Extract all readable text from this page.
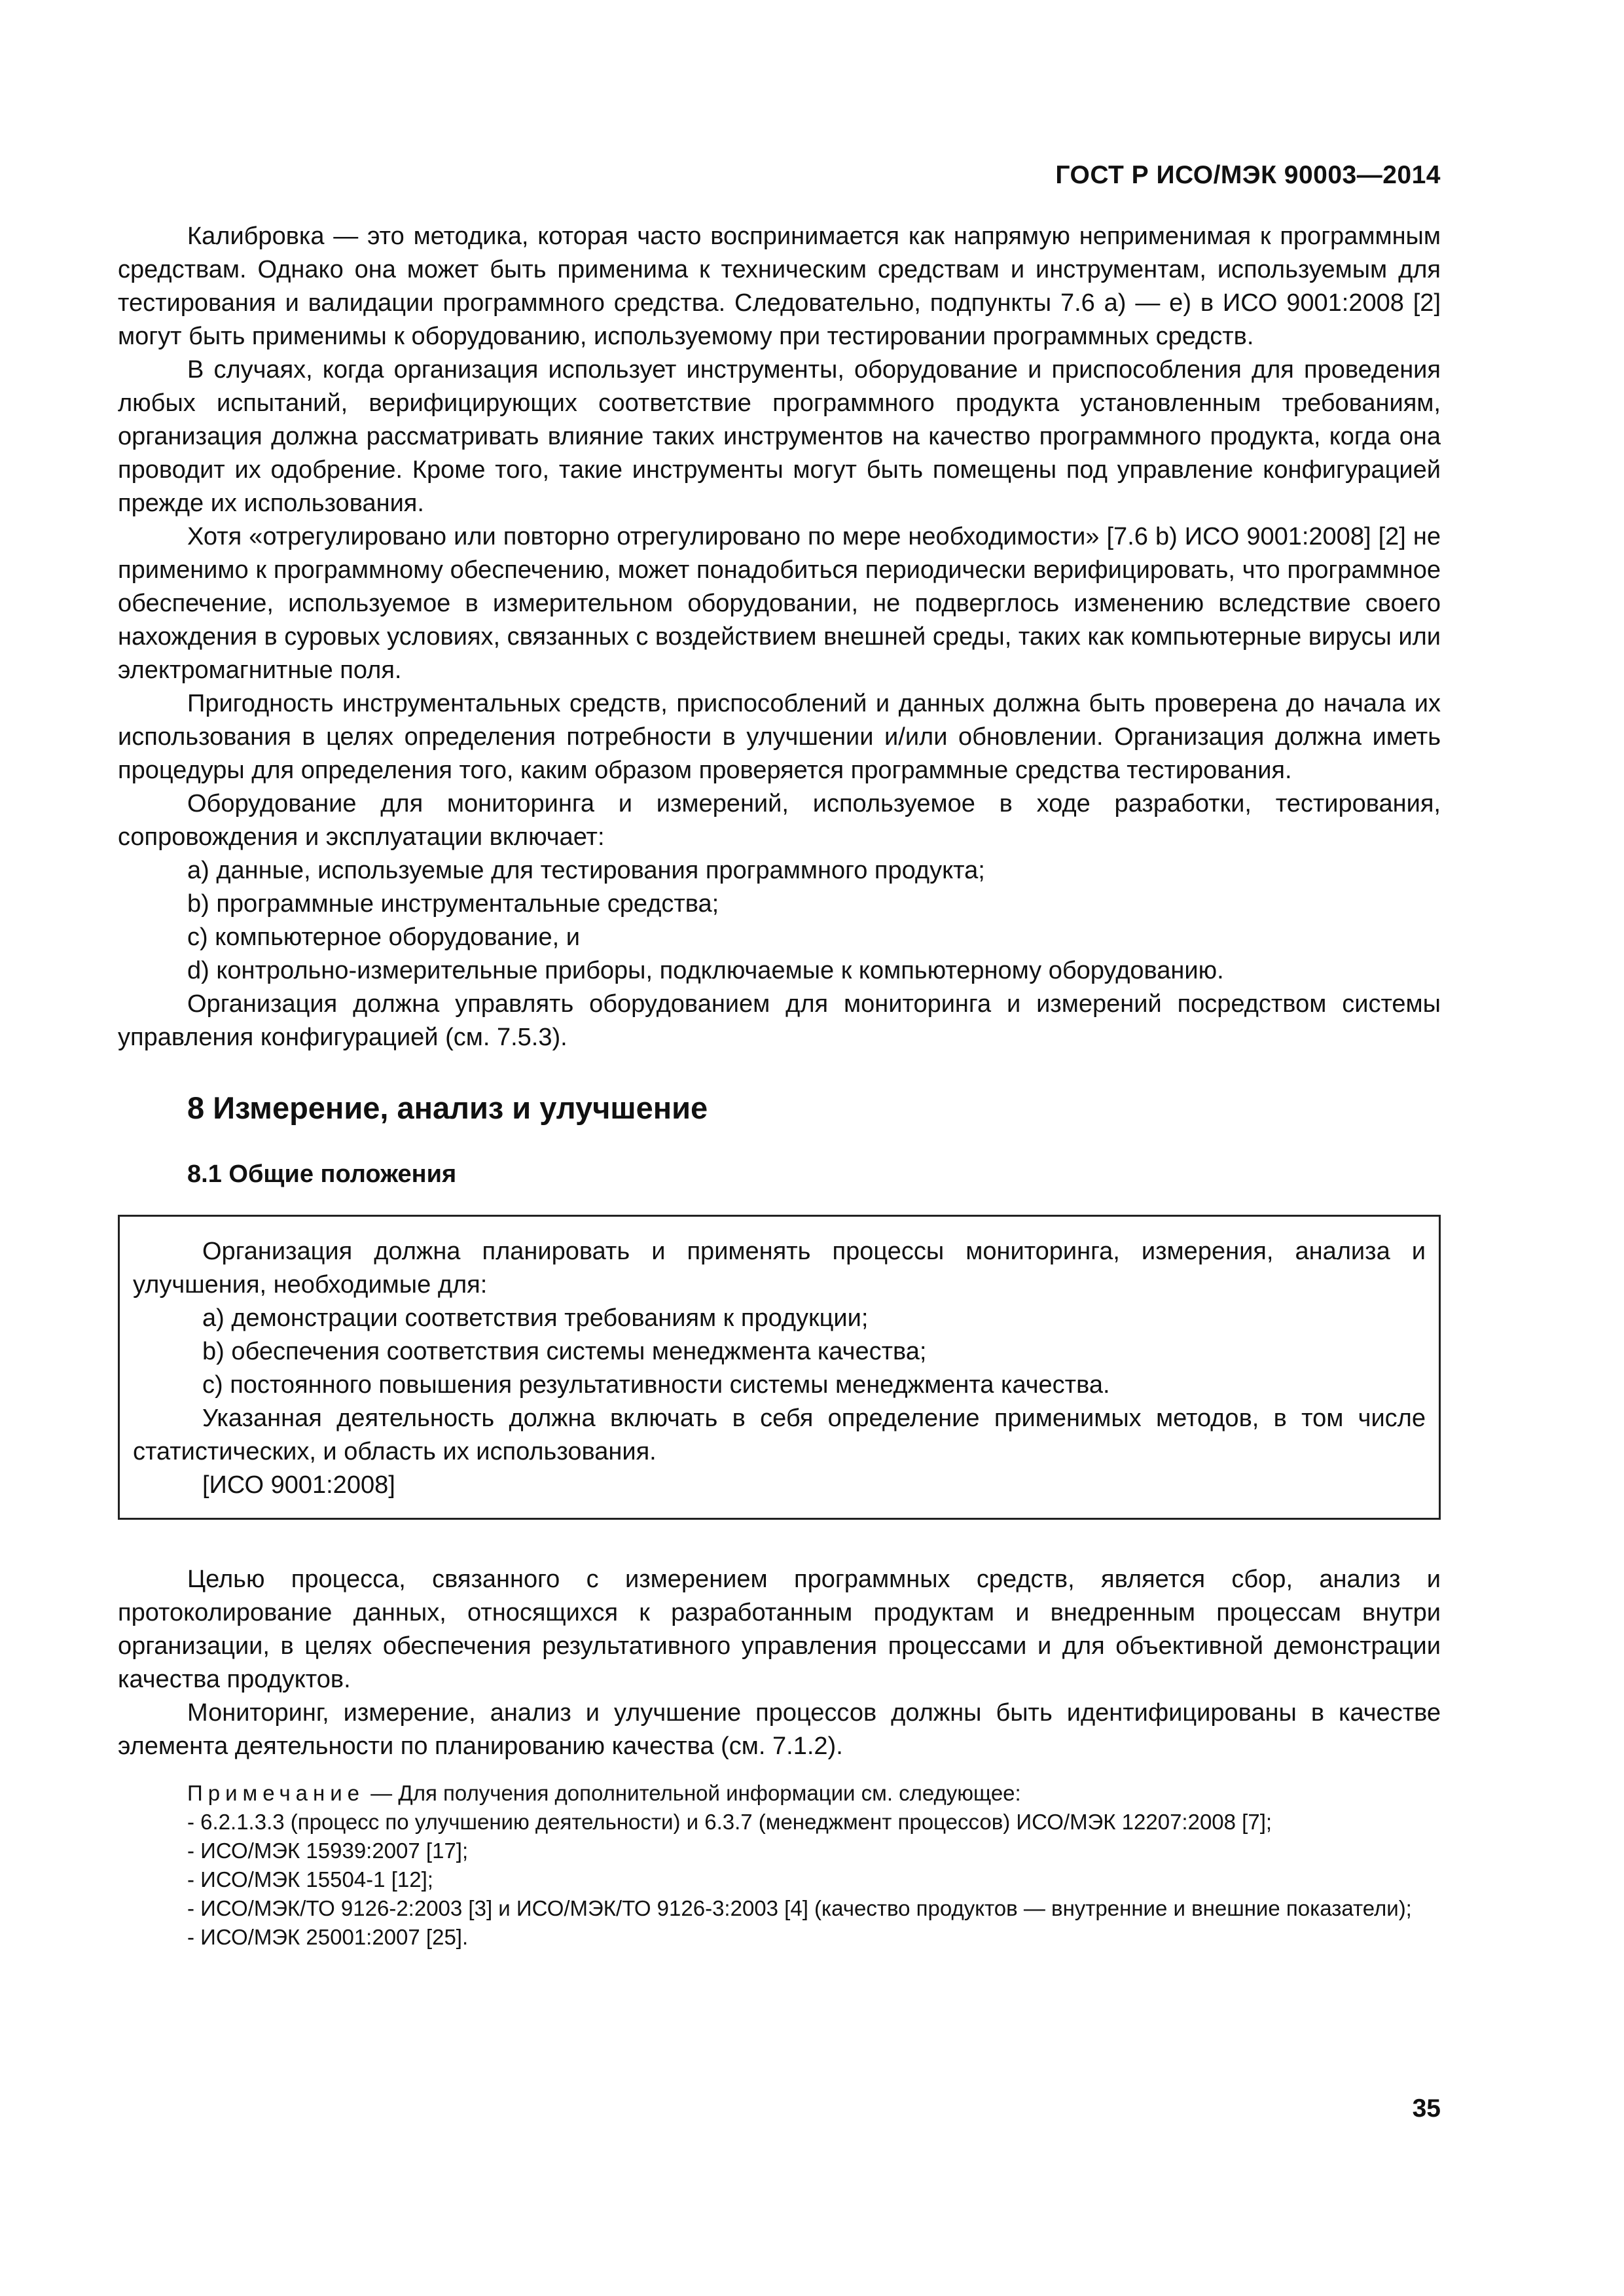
ГОСТ Р ИСО/МЭК 90003—2014

Калибровка — это методика, которая часто воспринимается как напрямую неприменимая к программным средствам. Однако она может быть применима к техническим средствам и инструментам, используемым для тестирования и валидации программного средства. Следовательно, подпункты 7.6 а) — е) в ИСО 9001:2008 [2] могут быть применимы к оборудованию, используемому при тестировании программных средств.

В случаях, когда организация использует инструменты, оборудование и приспособления для проведения любых испытаний, верифицирующих соответствие программного продукта установленным требованиям, организация должна рассматривать влияние таких инструментов на качество программного продукта, когда она проводит их одобрение. Кроме того, такие инструменты могут быть помещены под управление конфигурацией прежде их использования.

Хотя «отрегулировано или повторно отрегулировано по мере необходимости» [7.6 b) ИСО 9001:2008] [2] не применимо к программному обеспечению, может понадобиться периодически верифицировать, что программное обеспечение, используемое в измерительном оборудовании, не подверглось изменению вследствие своего нахождения в суровых условиях, связанных с воздействием внешней среды, таких как компьютерные вирусы или электромагнитные поля.

Пригодность инструментальных средств, приспособлений и данных должна быть проверена до начала их использования в целях определения потребности в улучшении и/или обновлении. Организация должна иметь процедуры для определения того, каким образом проверяется программные средства тестирования.

Оборудование для мониторинга и измерений, используемое в ходе разработки, тестирования, сопровождения и эксплуатации включает:

а) данные, используемые для тестирования программного продукта;

b) программные инструментальные средства;

с) компьютерное оборудование, и

d) контрольно-измерительные приборы, подключаемые к компьютерному оборудованию.

Организация должна управлять оборудованием для мониторинга и измерений посредством системы управления конфигурацией (см. 7.5.3).

8 Измерение, анализ и улучшение
8.1 Общие положения

Организация должна планировать и применять процессы мониторинга, измерения, анализа и улучшения, необходимые для:

а) демонстрации соответствия требованиям к продукции;

b) обеспечения соответствия системы менеджмента качества;

с) постоянного повышения результативности системы менеджмента качества.

Указанная деятельность должна включать в себя определение применимых методов, в том числе статистических, и область их использования.

[ИСО 9001:2008]

Целью процесса, связанного с измерением программных средств, является сбор, анализ и протоколирование данных, относящихся к разработанным продуктам и внедренным процессам внутри организации, в целях обеспечения результативного управления процессами и для объективной демонстрации качества продуктов.

Мониторинг, измерение, анализ и улучшение процессов должны быть идентифицированы в качестве элемента деятельности по планированию качества (см. 7.1.2).

Примечание — Для получения дополнительной информации см. следующее:

- 6.2.1.3.3 (процесс по улучшению деятельности) и 6.3.7 (менеджмент процессов) ИСО/МЭК 12207:2008 [7];

- ИСО/МЭК 15939:2007 [17];

- ИСО/МЭК 15504-1 [12];

- ИСО/МЭК/ТО 9126-2:2003 [3] и ИСО/МЭК/ТО 9126-3:2003 [4] (качество продуктов — внутренние и внешние показатели);

- ИСО/МЭК 25001:2007 [25].

35
